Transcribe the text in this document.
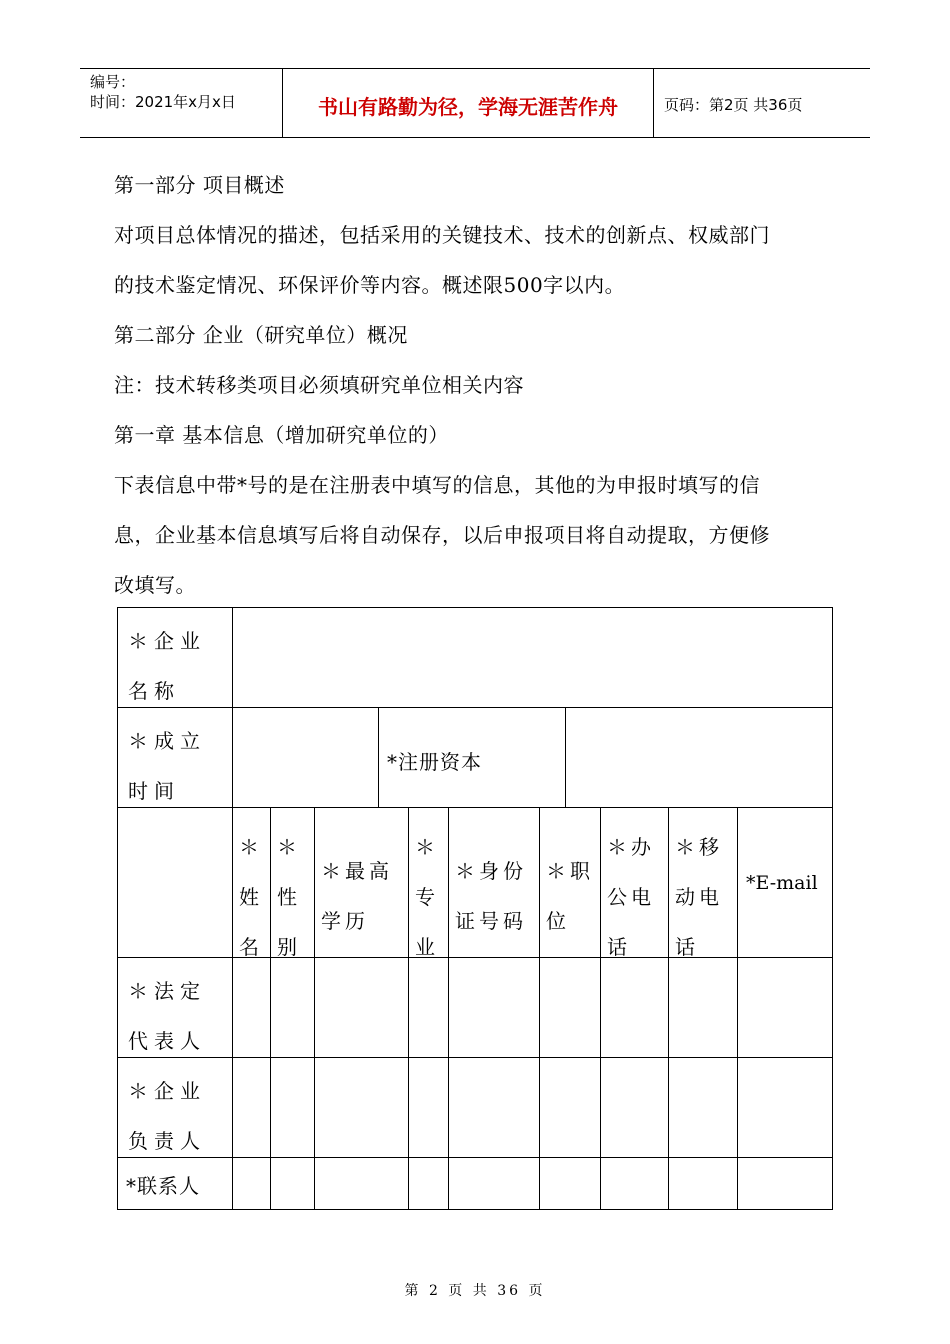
编号：
时间：2021年x月x日	书山有路勤为径，学海无涯苦作舟	页码：第2页 共36页
第一部分 项目概述
对项目总体情况的描述，包括采用的关键技术、技术的创新点、权威部门
的技术鉴定情况、环保评价等内容。概述限500字以内。
第二部分 企业（研究单位）概况
注：技术转移类项目必须填研究单位相关内容
第一章 基本信息（增加研究单位的）
下表信息中带*号的是在注册表中填写的信息，其他的为申报时填写的信
息，企业基本信息填写后将自动保存，以后申报项目将自动提取，方便修
改填写。
＊企业名称
＊成立时间
*注册资本
＊姓名
＊性别
＊最高学历
＊专业
＊身份证号码
＊职位
＊办公电话
＊移动电话
*E-mail
＊法定代表人
＊企业负责人
*联系人
第 2 页 共 36 页
